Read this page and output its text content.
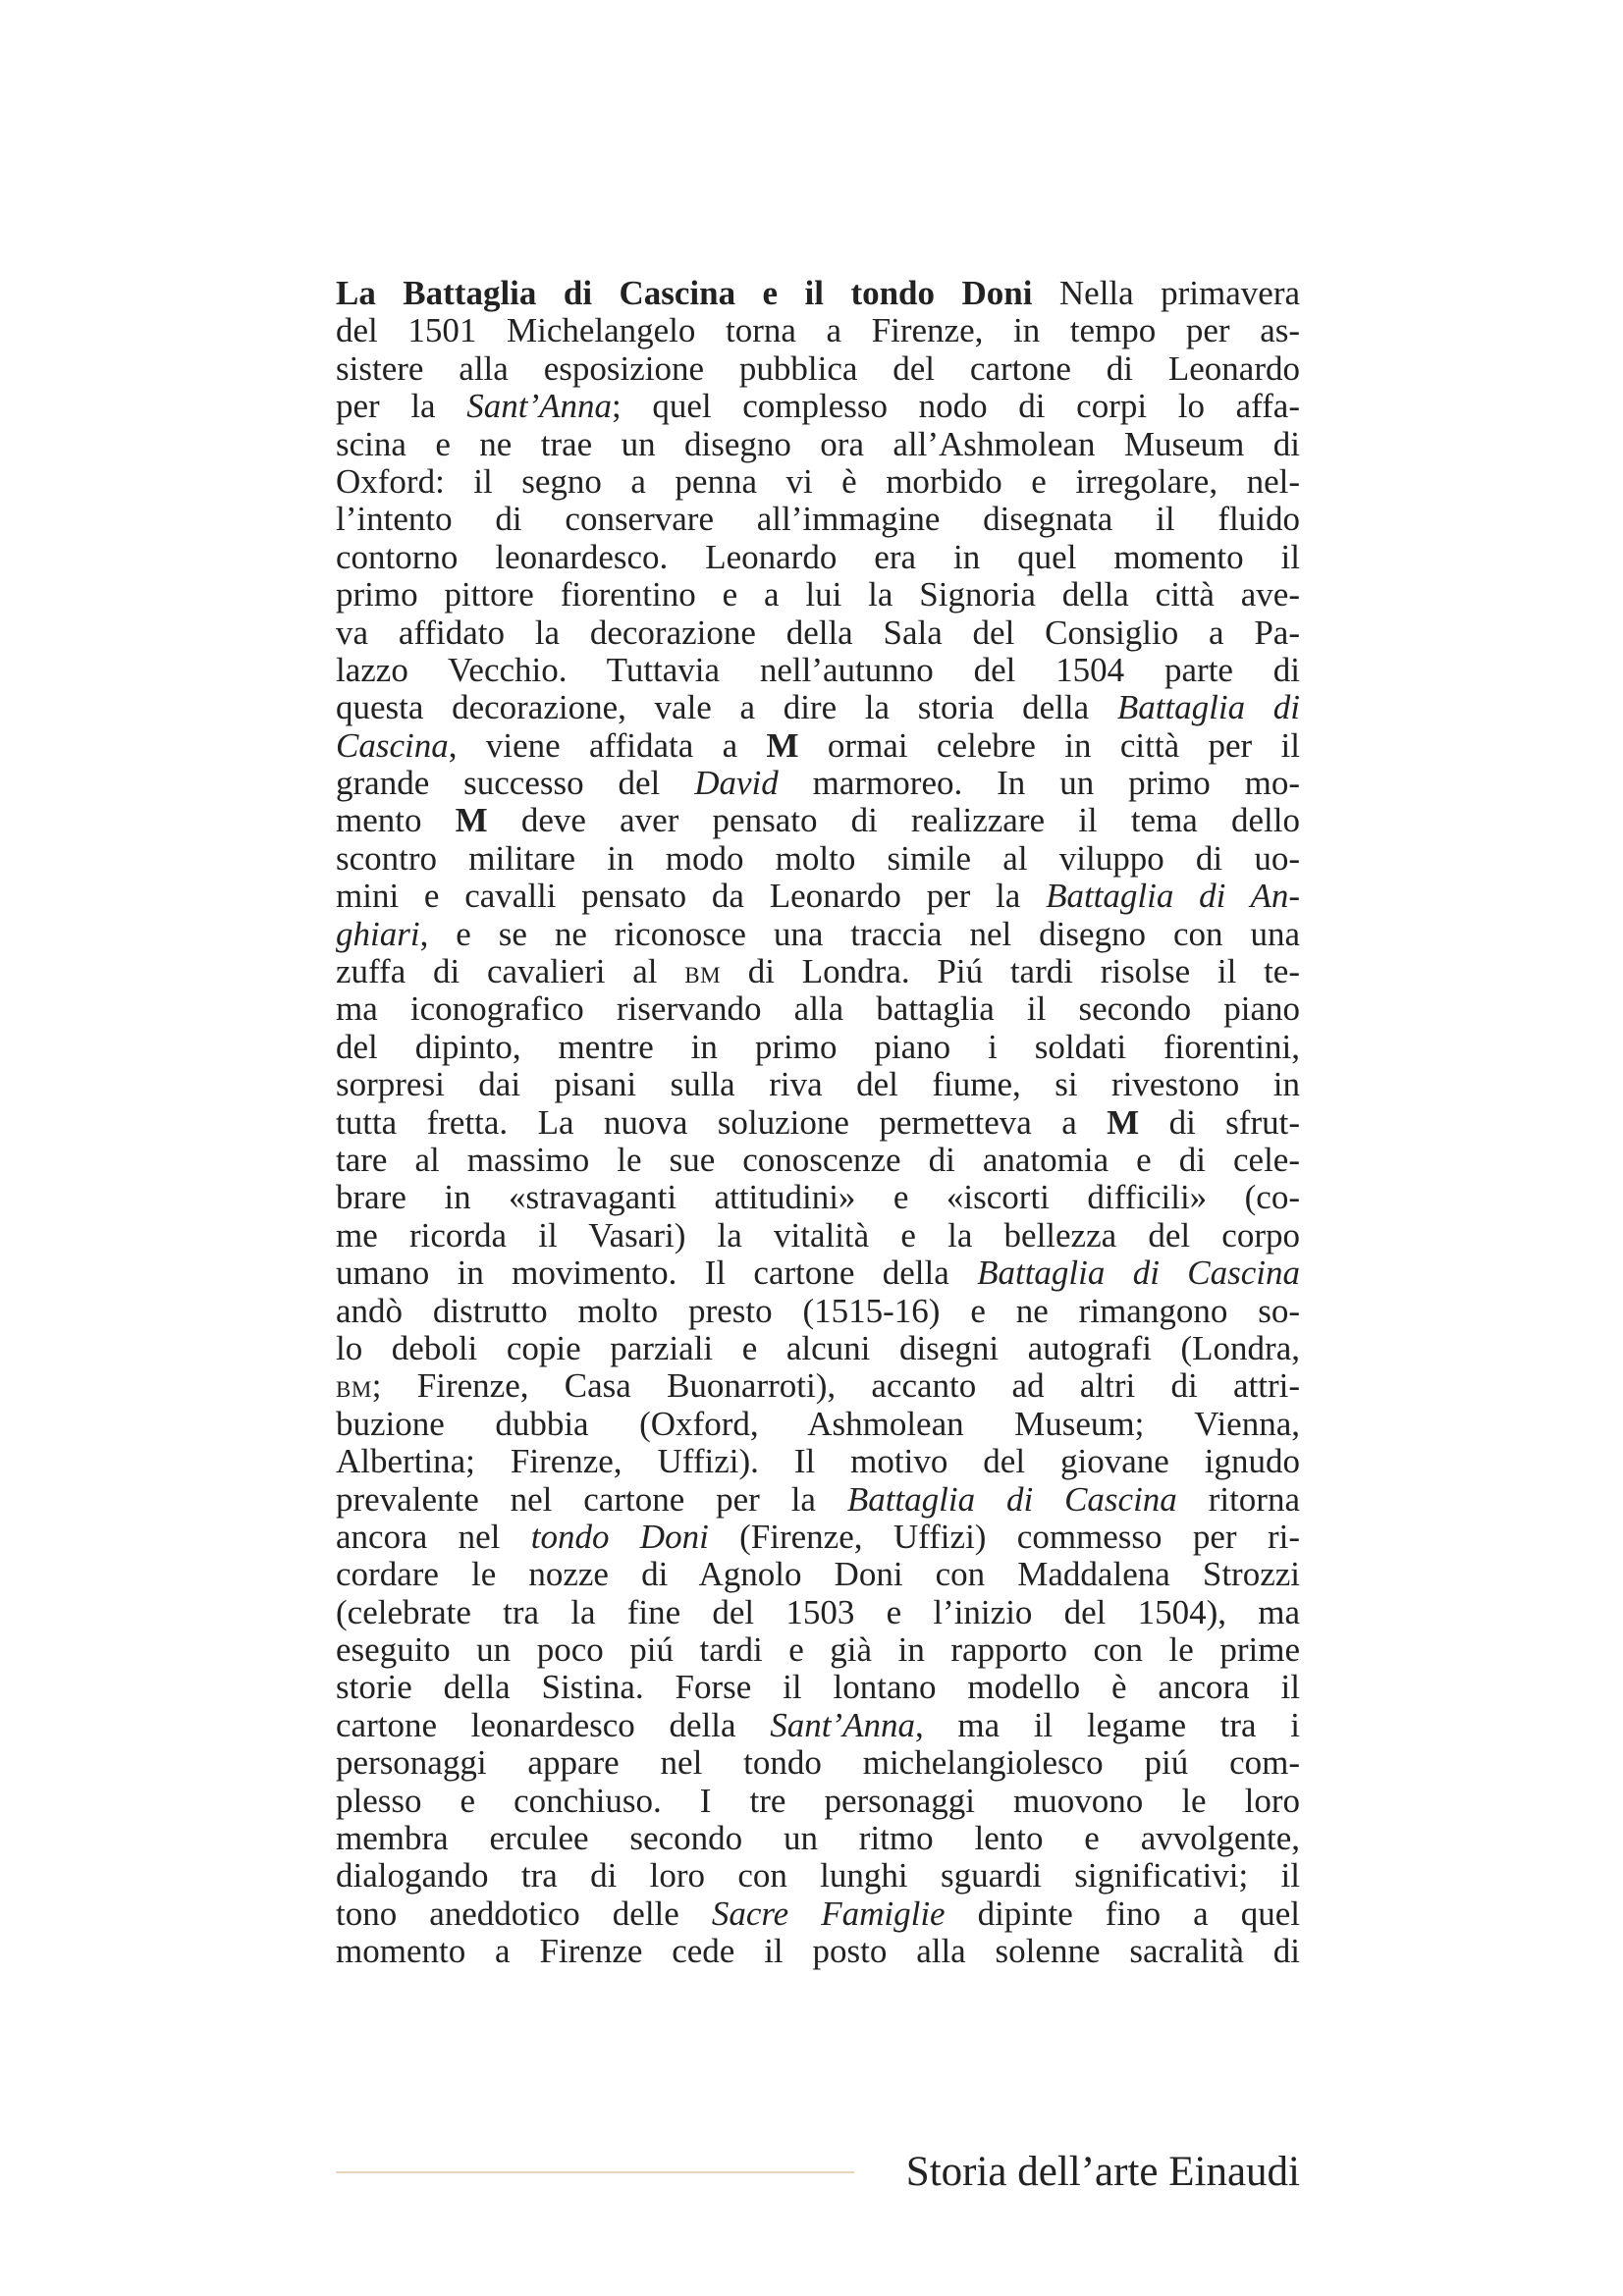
La Battaglia di Cascina e il tondo Doni Nella primavera
del 1501 Michelangelo torna a Firenze, in tempo per as-
sistere alla esposizione pubblica del cartone di Leonardo
per la Sant’Anna; quel complesso nodo di corpi lo affa-
scina e ne trae un disegno ora all’Ashmolean Museum di
Oxford: il segno a penna vi è morbido e irregolare, nel-
l’intento di conservare all’immagine disegnata il fluido
contorno leonardesco. Leonardo era in quel momento il
primo pittore fiorentino e a lui la Signoria della città ave-
va affidato la decorazione della Sala del Consiglio a Pa-
lazzo Vecchio. Tuttavia nell’autunno del 1504 parte di
questa decorazione, vale a dire la storia della Battaglia di
Cascina, viene affidata a M ormai celebre in città per il
grande successo del David marmoreo. In un primo mo-
mento M deve aver pensato di realizzare il tema dello
scontro militare in modo molto simile al viluppo di uo-
mini e cavalli pensato da Leonardo per la Battaglia di An-
ghiari, e se ne riconosce una traccia nel disegno con una
zuffa di cavalieri al bm di Londra. Piú tardi risolse il te-
ma iconografico riservando alla battaglia il secondo piano
del dipinto, mentre in primo piano i soldati fiorentini,
sorpresi dai pisani sulla riva del fiume, si rivestono in
tutta fretta. La nuova soluzione permetteva a M di sfrut-
tare al massimo le sue conoscenze di anatomia e di cele-
brare in «stravaganti attitudini» e «iscorti difficili» (co-
me ricorda il Vasari) la vitalità e la bellezza del corpo
umano in movimento. Il cartone della Battaglia di Cascina
andò distrutto molto presto (1515-16) e ne rimangono so-
lo deboli copie parziali e alcuni disegni autografi (Londra,
bm; Firenze, Casa Buonarroti), accanto ad altri di attri-
buzione dubbia (Oxford, Ashmolean Museum; Vienna,
Albertina; Firenze, Uffizi). Il motivo del giovane ignudo
prevalente nel cartone per la Battaglia di Cascina ritorna
ancora nel tondo Doni (Firenze, Uffizi) commesso per ri-
cordare le nozze di Agnolo Doni con Maddalena Strozzi
(celebrate tra la fine del 1503 e l’inizio del 1504), ma
eseguito un poco piú tardi e già in rapporto con le prime
storie della Sistina. Forse il lontano modello è ancora il
cartone leonardesco della Sant’Anna, ma il legame tra i
personaggi appare nel tondo michelangiolesco piú com-
plesso e conchiuso. I tre personaggi muovono le loro
membra erculee secondo un ritmo lento e avvolgente,
dialogando tra di loro con lunghi sguardi significativi; il
tono aneddotico delle Sacre Famiglie dipinte fino a quel
momento a Firenze cede il posto alla solenne sacralità di
Storia dell’arte Einaudi
